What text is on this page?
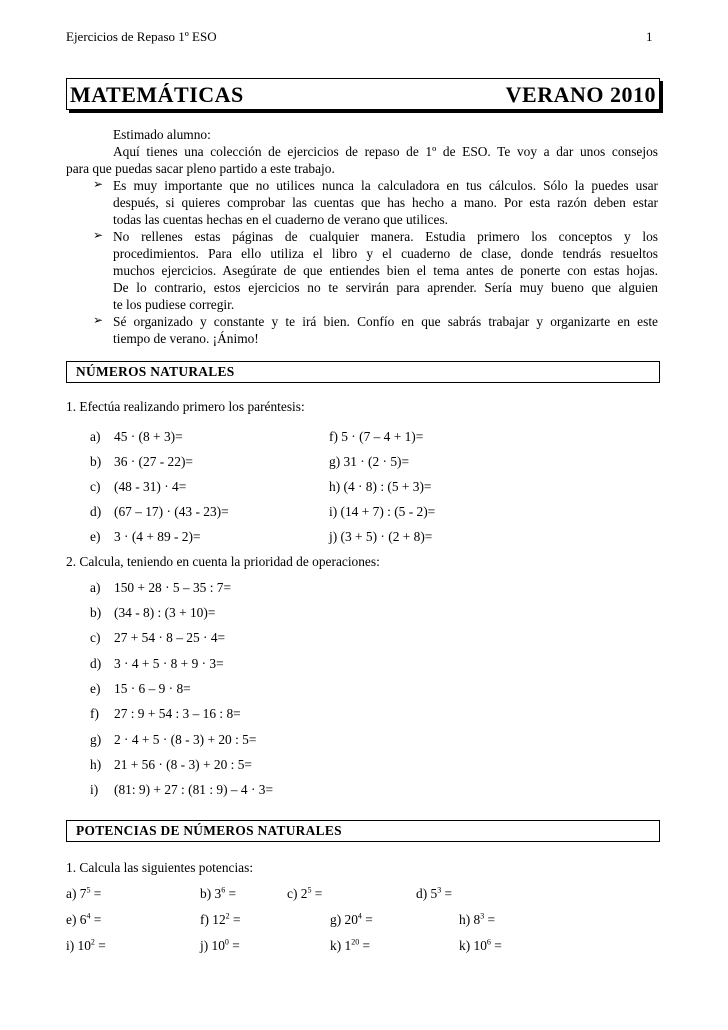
Ejercicios de Repaso 1º ESO	1
MATEMÁTICAS	VERANO 2010
Estimado alumno:
Aquí tienes una colección de ejercicios de repaso de 1º de ESO. Te voy a dar unos consejos
para que puedas sacar pleno partido a este trabajo.
➢ Es muy importante que no utilices nunca la calculadora en tus cálculos. Sólo la puedes usar
después, si quieres comprobar las cuentas que has hecho a mano. Por esta razón deben estar
todas las cuentas hechas en el cuaderno de verano que utilices.
➢ No rellenes estas páginas de cualquier manera. Estudia primero los conceptos y los
procedimientos. Para ello utiliza el libro y el cuaderno de clase, donde tendrás resueltos
muchos ejercicios. Asegúrate de que entiendes bien el tema antes de ponerte con estas hojas.
De lo contrario, estos ejercicios no te servirán para aprender. Sería muy bueno que alguien
te los pudiese corregir.
➢ Sé organizado y constante y te irá bien. Confío en que sabrás trabajar y organizarte en este
tiempo de verano. ¡Ánimo!
NÚMEROS NATURALES
1. Efectúa realizando primero los paréntesis:
a) 45 · (8 + 3)=	f) 5 · (7 – 4 + 1)=
b) 36 · (27 - 22)=	g) 31 · (2 · 5)=
c) (48 - 31) · 4=	h) (4 · 8) : (5 + 3)=
d) (67 – 17) · (43 - 23)=	i) (14 + 7) : (5 - 2)=
e) 3 · (4 + 89 - 2)=	j) (3 + 5) · (2 + 8)=
2. Calcula, teniendo en cuenta la prioridad de operaciones:
a) 150 + 28 · 5 – 35 : 7=
b) (34 - 8) : (3 + 10)=
c) 27 + 54 · 8 – 25 · 4=
d) 3 · 4 + 5 · 8 + 9 · 3=
e) 15 · 6 – 9 · 8=
f) 27 : 9 + 54 : 3 – 16 : 8=
g) 2 · 4 + 5 · (8 - 3) + 20 : 5=
h) 21 + 56 · (8 - 3) + 20 : 5=
i) (81: 9) + 27 : (81 : 9) – 4 · 3=
POTENCIAS DE NÚMEROS NATURALES
1. Calcula las siguientes potencias:
a) $7^5$ =	b) $3^6$ =	c) $2^5$ =	d) $5^3$ =
e) $6^4$ =	f) $12^2$ =	g) $20^4$ =	h) $8^3$ =
i) $10^2$ =	j) $10^0$ =	k) $1^{20}$ =	k) $10^6$ =
